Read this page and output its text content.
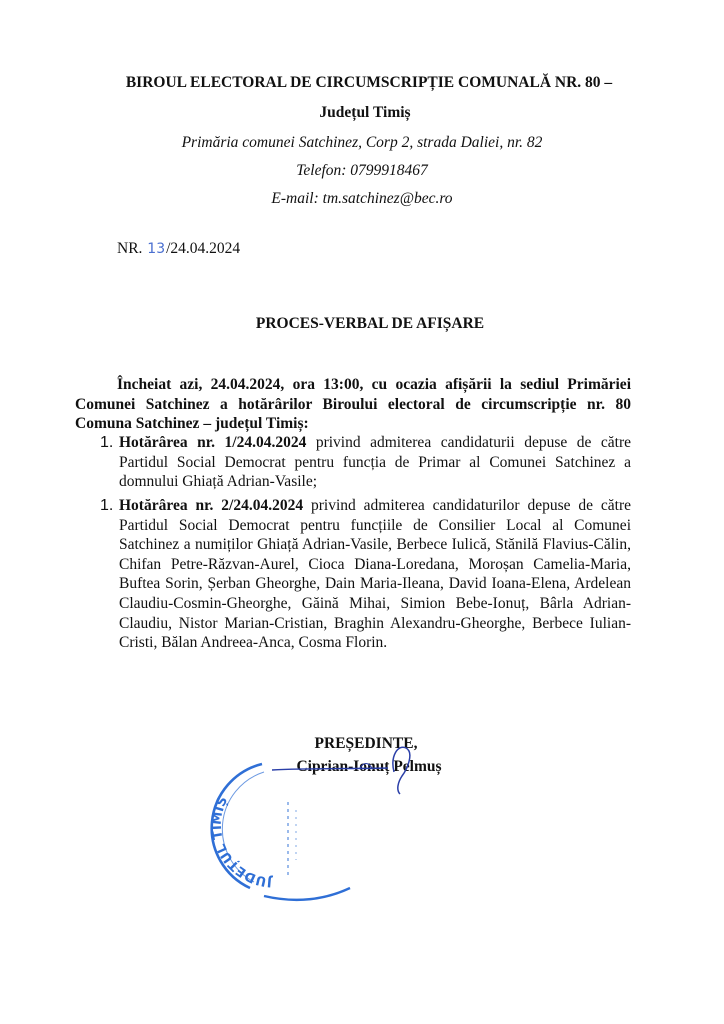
BIROUL ELECTORAL DE CIRCUMSCRIPȚIE COMUNALĂ NR. 80 –
Județul Timiș
Primăria comunei Satchinez, Corp 2, strada Daliei, nr. 82
Telefon: 0799918467
E-mail: tm.satchinez@bec.ro
NR. 13/24.04.2024
PROCES-VERBAL DE AFIȘARE

Încheiat azi, 24.04.2024, ora 13:00, cu ocazia afișării la sediul Primăriei Comunei Satchinez a hotărârilor Biroului electoral de circumscripție nr. 80 Comuna Satchinez – județul Timiș:

1. Hotărârea nr. 1/24.04.2024 privind admiterea candidaturii depuse de către Partidul Social Democrat pentru funcția de Primar al Comunei Satchinez a domnului Ghiață Adrian-Vasile;
1. Hotărârea nr. 2/24.04.2024 privind admiterea candidaturilor depuse de către Partidul Social Democrat pentru funcțiile de Consilier Local al Comunei Satchinez a numiților Ghiață Adrian-Vasile, Berbece Iulică, Stănilă Flavius-Călin, Chifan Petre-Răzvan-Aurel, Cioca Diana-Loredana, Moroșan Camelia-Maria, Buftea Sorin, Șerban Gheorghe, Dain Maria-Ileana, David Ioana-Elena, Ardelean Claudiu-Cosmin-Gheorghe, Găină Mihai, Simion Bebe-Ionuț, Bârla Adrian-Claudiu, Nistor Marian-Cristian, Braghin Alexandru-Gheorghe, Berbece Iulian-Cristi, Bălan Andreea-Anca, Cosma Florin.
PREȘEDINTE,
Ciprian-Ionuț Pelmuș
JUDEȚUL TIMIȘ
